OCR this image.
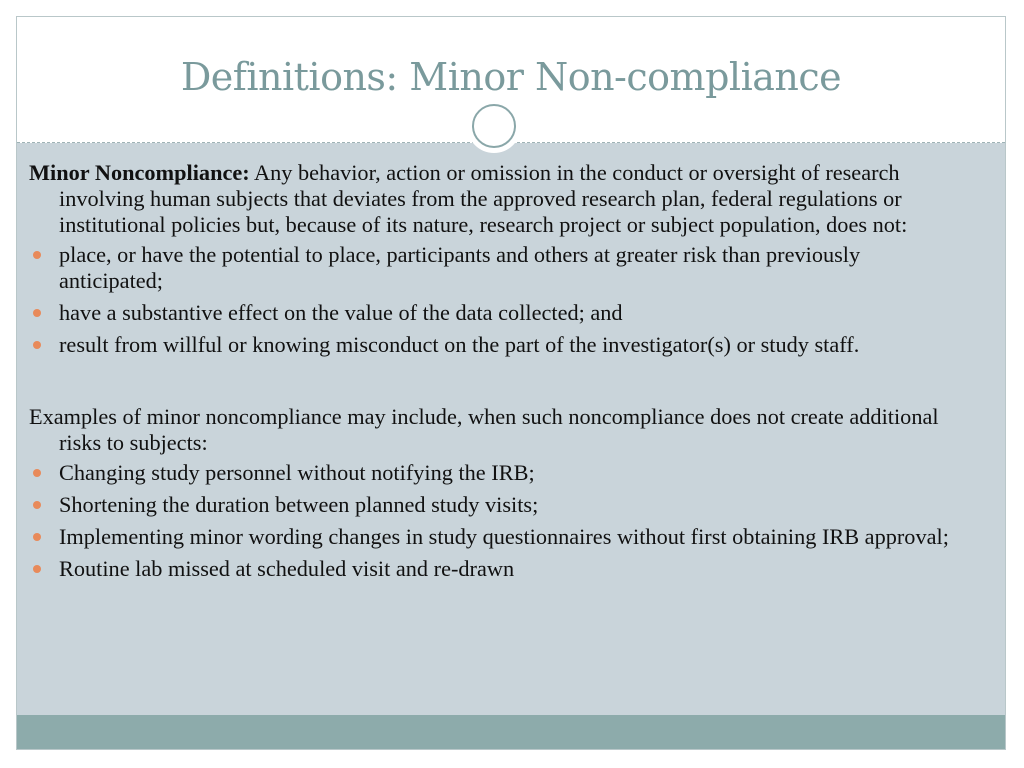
Definitions: Minor Non-compliance

Minor Noncompliance: Any behavior, action or omission in the conduct or oversight of research involving human subjects that deviates from the approved research plan, federal regulations or institutional policies but, because of its nature, research project or subject population, does not:

place, or have the potential to place, participants and others at greater risk than previously anticipated;
have a substantive effect on the value of the data collected; and
result from willful or knowing misconduct on the part of the investigator(s) or study staff.

Examples of minor noncompliance may include, when such noncompliance does not create additional risks to subjects:

Changing study personnel without notifying the IRB;
Shortening the duration between planned study visits;
Implementing minor wording changes in study questionnaires without first obtaining IRB approval;
Routine lab missed at scheduled visit and re-drawn
